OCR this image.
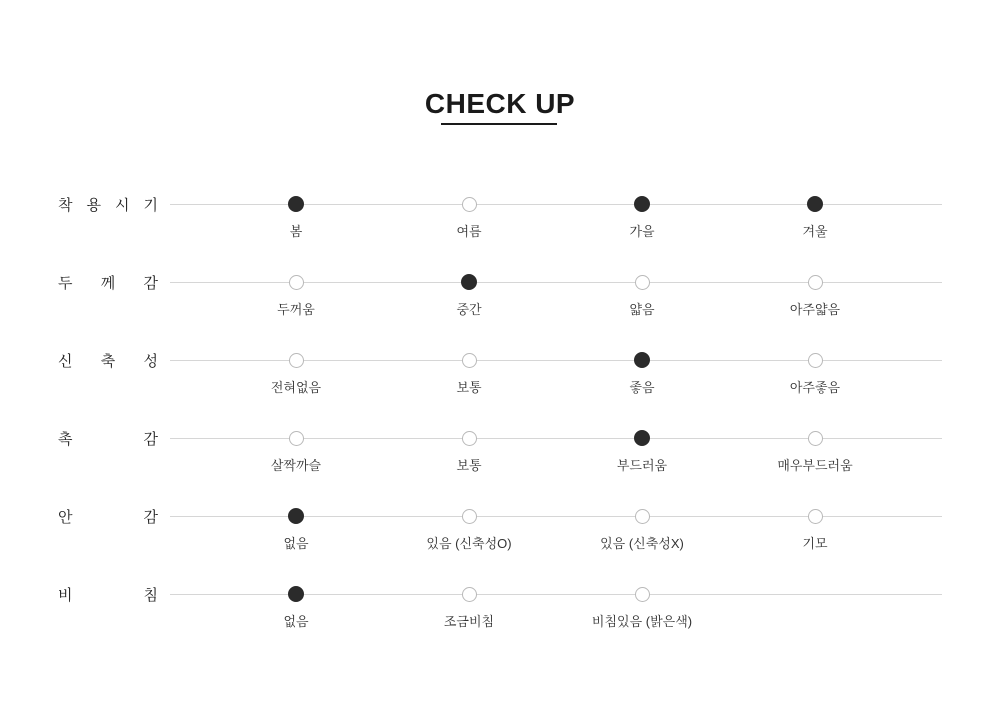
CHECK UP
착 용 시 기
봄	여름	가을	겨울
두 께 감
두꺼움	중간	얇음	아주얇음
신 축 성
전혀없음	보통	좋음	아주좋음
촉	감
살짝까슬	보통	부드러움	매우부드러움
안	감
없음	있음 (신축성O)	있음 (신축성X)	기모
비	침
없음	조금비침	비침있음 (밝은색)
